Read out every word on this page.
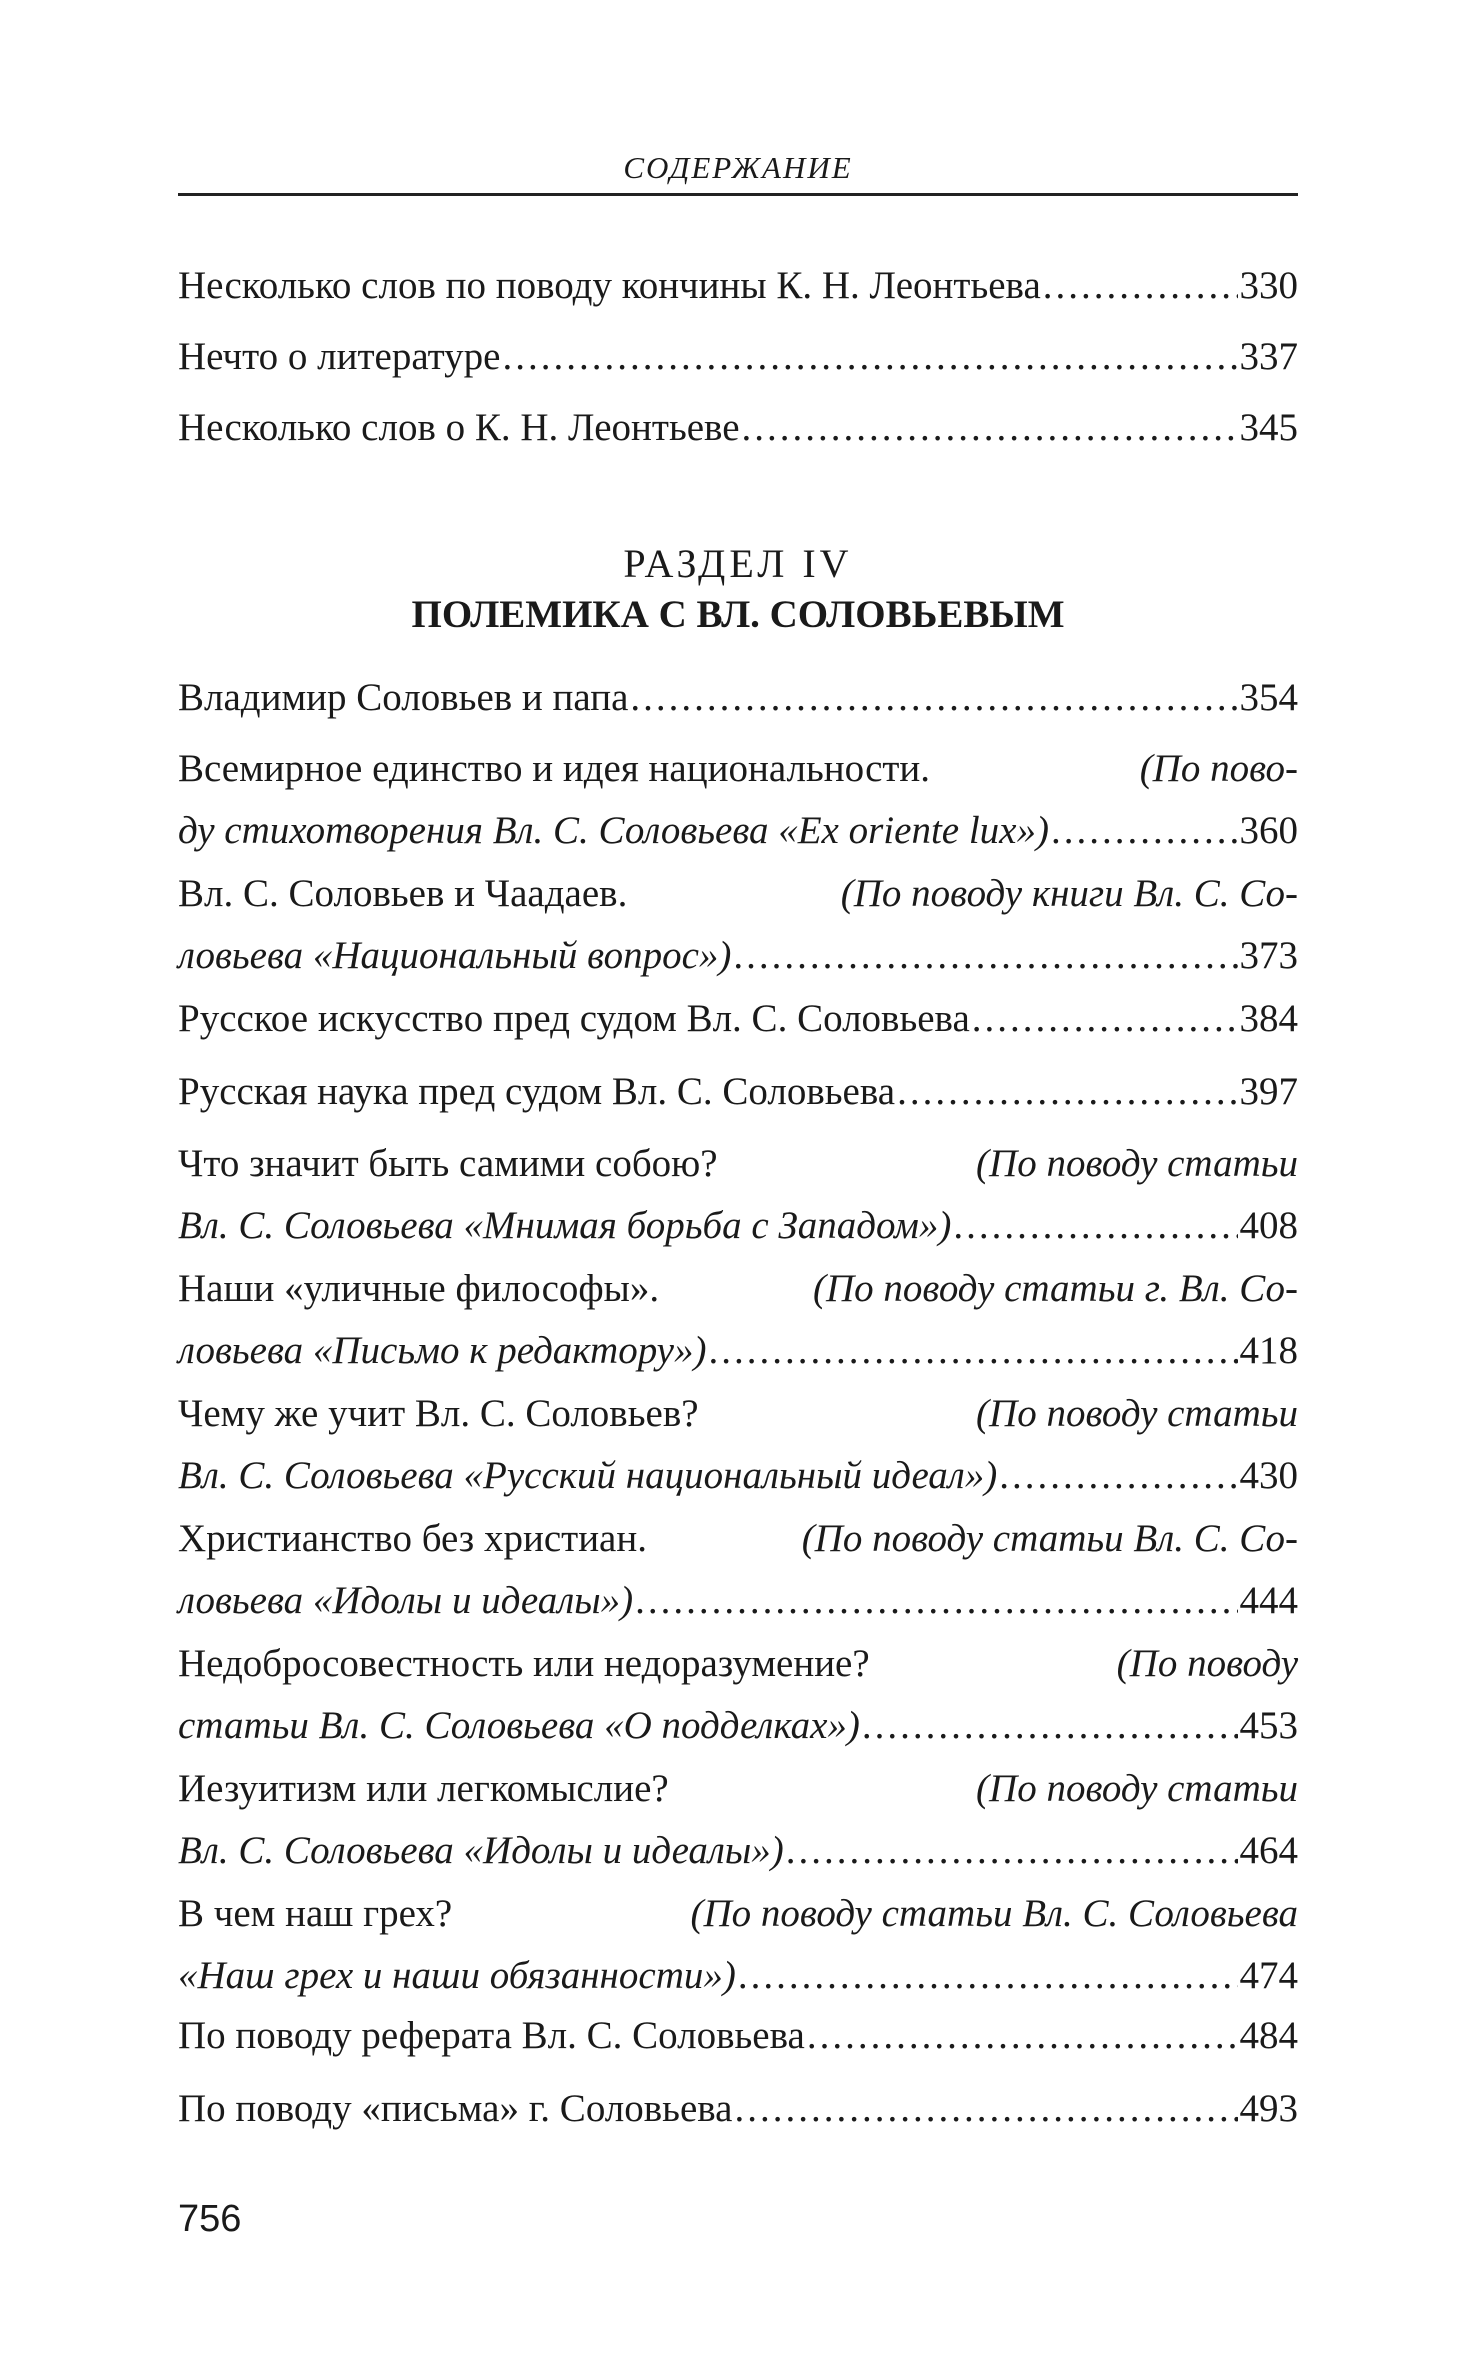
СОДЕРЖАНИЕ
Несколько слов по поводу кончины К. Н. Леонтьева .....	330
Нечто о литературе .....	337
Несколько слов о К. Н. Леонтьеве .....	345
Владимир Соловьев и папа .....	354
Всемирное единство и идея национальности.	(По пово-
ду стихотворения Вл. С. Соловьева «Ex oriente lux») .....	360
Вл. С. Соловьев и Чаадаев.	(По поводу книги Вл. С. Со-
ловьева «Национальный вопрос») .....	373
Русское искусство пред судом Вл. С. Соловьева .....	384
Русская наука пред судом Вл. С. Соловьева .....	397
Что значит быть самими собою?	(По поводу статьи
Вл. С. Соловьева «Мнимая борьба с Западом») .....	408
Наши «уличные философы».	(По поводу статьи г. Вл. Со-
ловьева «Письмо к редактору») .....	418
Чему же учит Вл. С. Соловьев?	(По поводу статьи
Вл. С. Соловьева «Русский национальный идеал») .....	430
Христианство без христиан.	(По поводу статьи Вл. С. Со-
ловьева «Идолы и идеалы») .....	444
Недобросовестность или недоразумение?	(По поводу
статьи Вл. С. Соловьева «О подделках») .....	453
Иезуитизм или легкомыслие?	(По поводу статьи
Вл. С. Соловьева «Идолы и идеалы») .....	464
В чем наш грех?	(По поводу статьи Вл. С. Соловьева
«Наш грех и наши обязанности») .....	474
По поводу реферата Вл. С. Соловьева .....	484
По поводу «письма» г. Соловьева .....	493
РАЗДЕЛ IV
ПОЛЕМИКА С ВЛ. СОЛОВЬЕВЫМ
756
